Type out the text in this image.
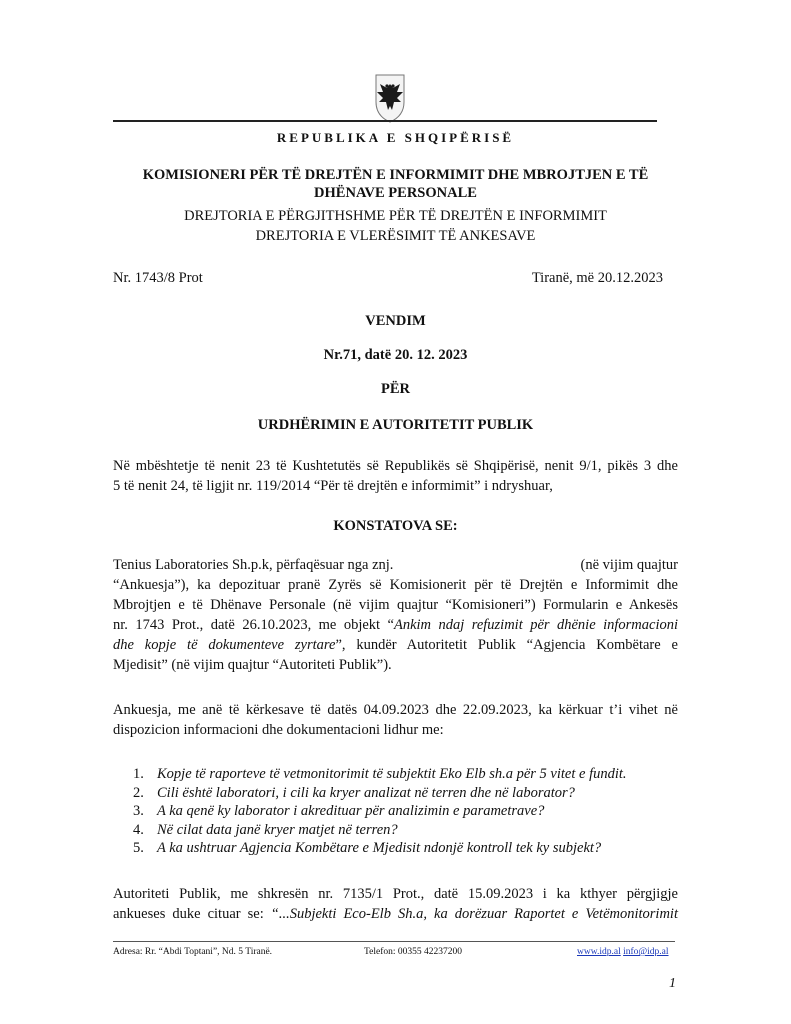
REPUBLIKA E SHQIPËRISË
KOMISIONERI PËR TË DREJTËN E INFORMIMIT DHE MBROJTJEN E TË
DHËNAVE PERSONALE
DREJTORIA E PËRGJITHSHME PËR TË DREJTËN E INFORMIMIT
DREJTORIA E VLERËSIMIT TË ANKESAVE
Nr. 1743/8 Prot	Tiranë, më 20.12.2023
VENDIM
Nr.71, datë 20. 12. 2023
PËR
URDHËRIMIN E AUTORITETIT PUBLIK
Në mbështetje të nenit 23 të Kushtetutës së Republikës së Shqipërisë, nenit 9/1, pikës 3 dhe
5 të nenit 24, të ligjit nr. 119/2014 “Për të drejtën e informimit” i ndryshuar,
KONSTATOVA SE:
Tenius Laboratories Sh.p.k, përfaqësuar nga znj.	(në vijim quajtur
“Ankuesja”), ka depozituar pranë Zyrës së Komisionerit për të Drejtën e Informimit dhe
Mbrojtjen e të Dhënave Personale (në vijim quajtur “Komisioneri”) Formularin e Ankesës
nr. 1743 Prot., datë 26.10.2023, me objekt “Ankim ndaj refuzimit për dhënie informacioni
dhe kopje të dokumenteve zyrtare”, kundër Autoritetit Publik “Agjencia Kombëtare e
Mjedisit” (në vijim quajtur “Autoriteti Publik”).
Ankuesja, me anë të kërkesave të datës 04.09.2023 dhe 22.09.2023, ka kërkuar t’i vihet në
dispozicion informacioni dhe dokumentacioni lidhur me:
1. Kopje të raporteve të vetmonitorimit të subjektit Eko Elb sh.a për 5 vitet e fundit.
2. Cili është laboratori, i cili ka kryer analizat në terren dhe në laborator?
3. A ka qenë ky laborator i akredituar për analizimin e parametrave?
4. Në cilat data janë kryer matjet në terren?
5. A ka ushtruar Agjencia Kombëtare e Mjedisit ndonjë kontroll tek ky subjekt?
Autoriteti Publik, me shkresën nr. 7135/1 Prot., datë 15.09.2023 i ka kthyer përgjigje
ankueses duke cituar se: “...Subjekti Eco-Elb Sh.a, ka dorëzuar Raportet e Vetëmonitorimit
Adresa: Rr. “Abdi Toptani”, Nd. 5 Tiranë.	Telefon: 00355 42237200	www.idp.al info@idp.al
1
